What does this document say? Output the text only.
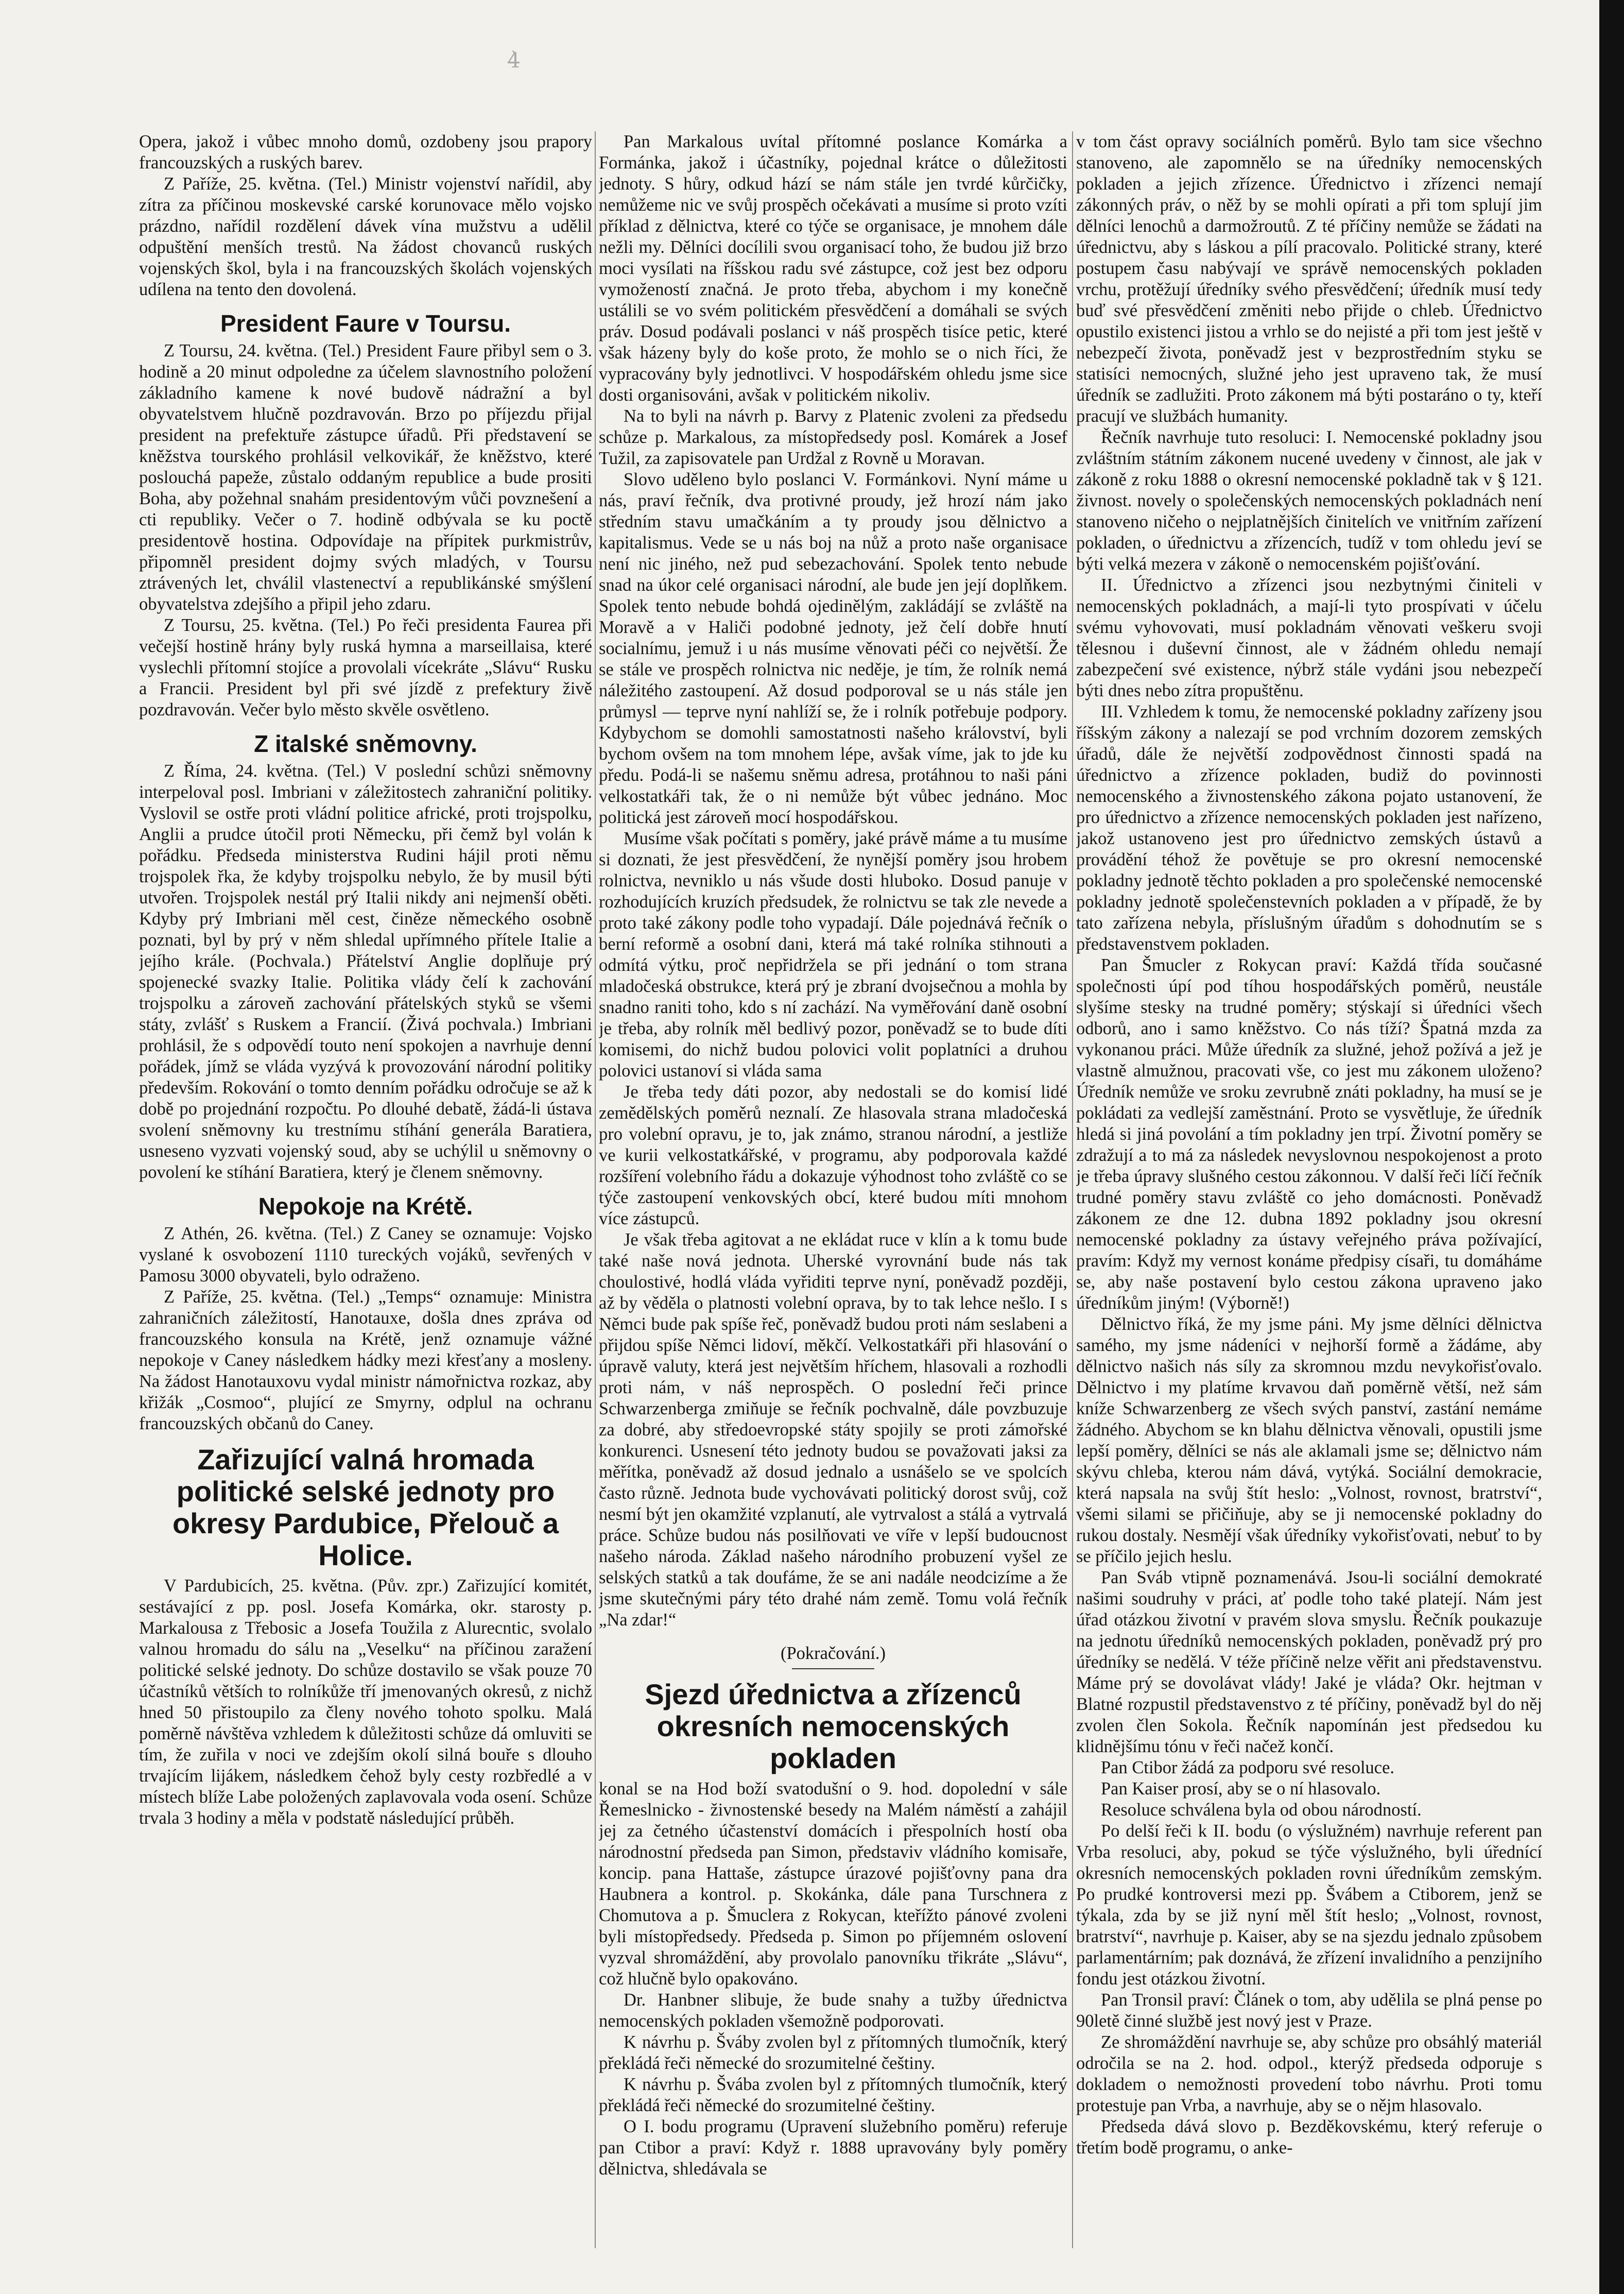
4̶̀

Opera, jakož i vůbec mnoho domů, ozdobeny jsou prapory francouzských a ruských barev.

Z Paříže, 25. května. (Tel.) Ministr vojenství nařídil, aby zítra za příčinou moskevské carské korunovace mělo vojsko prázdno, nařídil rozdělení dávek vína mužstvu a udělil odpuštění menších trestů. Na žádost chovanců ruských vojenských škol, byla i na francouzských školách vojenských udílena na tento den dovolená.

President Faure v Toursu.

Z Toursu, 24. května. (Tel.) President Faure přibyl sem o 3. hodině a 20 minut odpoledne za účelem slavnostního položení základního kamene k nové budově nádražní a byl obyvatelstvem hlučně pozdravován. Brzo po příjezdu přijal president na prefektuře zástupce úřadů. Při představení se kněžstva tourského prohlásil velkovikář, že kněžstvo, které poslouchá papeže, zůstalo oddaným republice a bude prositi Boha, aby požehnal snahám presidentovým vůči povznešení a cti republiky. Večer o 7. hodině odbývala se ku poctě presidentově hostina. Odpovídaje na přípitek purkmistrův, připomněl president dojmy svých mladých, v Toursu ztrávených let, chválil vlastenectví a republikánské smýšlení obyvatelstva zdejšího a připil jeho zdaru.

Z Toursu, 25. května. (Tel.) Po řeči presidenta Faurea při večejší hostině hrány byly ruská hymna a marseillaisa, které vyslechli přítomní stojíce a provolali vícekráte „Slávu“ Rusku a Francii. President byl při své jízdě z prefektury živě pozdravován. Večer bylo město skvěle osvětleno.

Z italské sněmovny.

Z Říma, 24. května. (Tel.) V poslední schůzi sněmovny interpeloval posl. Imbriani v záležitostech zahraniční politiky. Vyslovil se ostře proti vládní politice africké, proti trojspolku, Anglii a prudce útočil proti Německu, při čemž byl volán k pořádku. Předseda ministerstva Rudini hájil proti němu trojspolek řka, že kdyby trojspolku nebylo, že by musil býti utvořen. Trojspolek nestál prý Italii nikdy ani nejmenší oběti. Kdyby prý Imbriani měl cest, činěze německého osobně poznati, byl by prý v něm shledal upřímného přítele Italie a jejího krále. (Pochvala.) Přátelství Anglie doplňuje prý spojenecké svazky Italie. Politika vlády čelí k zachování trojspolku a zároveň zachování přátelských styků se všemi státy, zvlášť s Ruskem a Francií. (Živá pochvala.) Imbriani prohlásil, že s odpovědí touto není spokojen a navrhuje denní pořádek, jímž se vláda vyzývá k provozování národní politiky především. Rokování o tomto denním pořádku odročuje se až k době po projednání rozpočtu. Po dlouhé debatě, žádá-li ústava svolení sněmovny ku trestnímu stíhání generála Baratiera, usneseno vyzvati vojenský soud, aby se uchýlil u sněmovny o povolení ke stíhání Baratiera, který je členem sněmovny.

Nepokoje na Krétě.

Z Athén, 26. května. (Tel.) Z Caney se oznamuje: Vojsko vyslané k osvobození 1110 tureckých vojáků, sevřených v Pamosu 3000 obyvateli, bylo odraženo.

Z Paříže, 25. května. (Tel.) „Temps“ oznamuje: Ministra zahraničních záležitostí, Hanotauxe, došla dnes zpráva od francouzského konsula na Krétě, jenž oznamuje vážné nepokoje v Caney následkem hádky mezi křesťany a mosleny. Na žádost Hanotauxovu vydal ministr námořnictva rozkaz, aby křižák „Cosmoo“, plující ze Smyrny, odplul na ochranu francouzských občanů do Caney.

Zařizující valná hromada politické selské jednoty pro okresy Pardubice, Přelouč a Holice.

V Pardubicích, 25. května. (Pův. zpr.) Zařizující komitét, sestávající z pp. posl. Josefa Komárka, okr. starosty p. Markalousa z Třebosic a Josefa Toužila z Alurecntic, svolalo valnou hromadu do sálu na „Veselku“ na příčinou zaražení politické selské jednoty. Do schůze dostavilo se však pouze 70 účastníků větších to rolníkůže tří jmenovaných okresů, z nichž hned 50 přistoupilo za členy nového tohoto spolku. Malá poměrně návštěva vzhledem k důležitosti schůze dá omluviti se tím, že zuřila v noci ve zdejším okolí silná bouře s dlouho trvajícím lijákem, následkem čehož byly cesty rozbředlé a v místech blíže Labe položených zaplavovala voda osení. Schůze trvala 3 hodiny a měla v podstatě následující průběh.

Pan Markalous uvítal přítomné poslance Komárka a Formánka, jakož i účastníky, pojednal krátce o důležitosti jednoty. S hůry, odkud hází se nám stále jen tvrdé kůrčičky, nemůžeme nic ve svůj prospěch očekávati a musíme si proto vzíti příklad z dělnictva, které co týče se organisace, je mnohem dále nežli my. Dělníci docílili svou organisací toho, že budou již brzo moci vysílati na říšskou radu své zástupce, což jest bez odporu vymožeností značná. Je proto třeba, abychom i my konečně ustálili se vo svém politickém přesvědčení a domáhali se svých práv. Dosud podávali poslanci v náš prospěch tisíce petic, které však házeny byly do koše proto, že mohlo se o nich říci, že vypracovány byly jednotlivci. V hospodářském ohledu jsme sice dosti organisováni, avšak v politickém nikoliv.

Na to byli na návrh p. Barvy z Platenic zvoleni za předsedu schůze p. Markalous, za místopředsedy posl. Komárek a Josef Tužil, za zapisovatele pan Urdžal z Rovně u Moravan.

Slovo uděleno bylo poslanci V. Formánkovi. Nyní máme u nás, praví řečník, dva protivné proudy, jež hrozí nám jako středním stavu umačkáním a ty proudy jsou dělnictvo a kapitalismus. Vede se u nás boj na nůž a proto naše organisace není nic jiného, než pud sebezachování. Spolek tento nebude snad na úkor celé organisaci národní, ale bude jen její doplňkem. Spolek tento nebude bohdá ojedinělým, zakládájí se zvláště na Moravě a v Haliči podobné jednoty, jež čelí dobře hnutí socialnímu, jemuž i u nás musíme věnovati péči co největší. Že se stále ve prospěch rolnictva nic neděje, je tím, že rolník nemá náležitého zastoupení. Až dosud podporoval se u nás stále jen průmysl — teprve nyní nahlíží se, že i rolník potřebuje podpory. Kdybychom se domohli samostatnosti našeho království, byli bychom ovšem na tom mnohem lépe, avšak víme, jak to jde ku předu. Podá-li se našemu sněmu adresa, protáhnou to naši páni velkostatkáři tak, že o ni nemůže být vůbec jednáno. Moc politická jest zároveň mocí hospodářskou.

Musíme však počítati s poměry, jaké právě máme a tu musíme si doznati, že jest přesvědčení, že nynější poměry jsou hrobem rolnictva, nevniklo u nás všude dosti hluboko. Dosud panuje v rozhodujících kruzích předsudek, že rolnictvu se tak zle nevede a proto také zákony podle toho vypadají. Dále pojednává řečník o berní reformě a osobní dani, která má také rolníka stihnouti a odmítá výtku, proč nepřidržela se při jednání o tom strana mladočeská obstrukce, která prý je zbraní dvojsečnou a mohla by snadno raniti toho, kdo s ní zachází. Na vyměřování daně osobní je třeba, aby rolník měl bedlivý pozor, poněvadž se to bude díti komisemi, do nichž budou polovici volit poplatníci a druhou polovici ustanoví si vláda sama

Je třeba tedy dáti pozor, aby nedostali se do komisí lidé zemědělských poměrů neznalí. Ze hlasovala strana mladočeská pro volební opravu, je to, jak známo, stranou národní, a jestliže ve kurii velkostatkářské, v programu, aby podporovala každé rozšíření volebního řádu a dokazuje výhodnost toho zvláště co se týče zastoupení venkovských obcí, které budou míti mnohom více zástupců.

Je však třeba agitovat a ne ekládat ruce v klín a k tomu bude také naše nová jednota. Uherské vyrovnání bude nás tak choulostivé, hodlá vláda vyřiditi teprve nyní, poněvadž později, až by věděla o platnosti volební oprava, by to tak lehce nešlo. I s Němci bude pak spíše řeč, poněvadž budou proti nám seslabeni a přijdou spíše Němci lidoví, měkčí. Velkostatkáři při hlasování o úpravě valuty, která jest největším hříchem, hlasovali a rozhodli proti nám, v náš neprospěch. O poslední řeči prince Schwarzenberga zmiňuje se řečník pochvalně, dále povzbuzuje za dobré, aby středoevropské státy spojily se proti zámořské konkurenci. Usnesení této jednoty budou se považovati jaksi za měřítka, poněvadž až dosud jednalo a usnášelo se ve spolcích často různě. Jednota bude vychovávati politický dorost svůj, což nesmí být jen okamžité vzplanutí, ale vytrvalost a stálá a vytrvalá práce. Schůze budou nás posilňovati ve víře v lepší budoucnost našeho národa. Základ našeho národního probuzení vyšel ze selských statků a tak doufáme, že se ani nadále neodcizíme a že jsme skutečnými páry této drahé nám země. Tomu volá řečník „Na zdar!“

(Pokračování.)
Sjezd úřednictva a zřízenců okresních nemocenských pokladen

konal se na Hod boží svatodušní o 9. hod. dopolední v sále Řemeslnicko - živnostenské besedy na Malém náměstí a zahájil jej za četného účastenství domácích i přespolních hostí oba národnostní předseda pan Simon, představiv vládního komisaře, koncip. pana Hattaše, zástupce úrazové pojišťovny pana dra Haubnera a kontrol. p. Skokánka, dále pana Turschnera z Chomutova a p. Šmuclera z Rokycan, kteřížto pánové zvoleni byli místopředsedy. Předseda p. Simon po příjemném oslovení vyzval shromáždění, aby provolalo panovníku třikráte „Slávu“, což hlučně bylo opakováno.

Dr. Hanbner slibuje, že bude snahy a tužby úřednictva nemocenských pokladen všemožně podporovati.

K návrhu p. Šváby zvolen byl z přítomných tlumočník, který překládá řeči německé do srozumitelné češtiny.

K návrhu p. Švába zvolen byl z přítomných tlumočník, který překládá řeči německé do srozumitelné češtiny.

O I. bodu programu (Upravení služebního poměru) referuje pan Ctibor a praví: Když r. 1888 upravovány byly poměry dělnictva, shledávala se

v tom část opravy sociálních poměrů. Bylo tam sice všechno stanoveno, ale zapomnělo se na úředníky nemocenských pokladen a jejich zřízence. Úřednictvo i zřízenci nemají zákonných práv, o něž by se mohli opírati a při tom splují jim dělníci lenochů a darmožroutů. Z té příčiny nemůže se žádati na úřednictvu, aby s láskou a pílí pracovalo. Politické strany, které postupem času nabývají ve správě nemocenských pokladen vrchu, protěžují úředníky svého přesvědčení; úředník musí tedy buď své přesvědčení změniti nebo přijde o chleb. Úřednictvo opustilo existenci jistou a vrhlo se do nejisté a při tom jest ještě v nebezpečí života, poněvadž jest v bezprostředním styku se statisíci nemocných, služné jeho jest upraveno tak, že musí úředník se zadlužiti. Proto zákonem má býti postaráno o ty, kteří pracují ve službách humanity.

Řečník navrhuje tuto resoluci: I. Nemocenské pokladny jsou zvláštním státním zákonem nucené uvedeny v činnost, ale jak v zákoně z roku 1888 o okresní nemocenské pokladně tak v § 121. živnost. novely o společenských nemocenských pokladnách není stanoveno ničeho o nejplatnějších činitelích ve vnitřním zařízení pokladen, o úřednictvu a zřízencích, tudíž v tom ohledu jeví se býti velká mezera v zákoně o nemocenském pojišťování.

II. Úřednictvo a zřízenci jsou nezbytnými činiteli v nemocenských pokladnách, a mají-li tyto prospívati v účelu svému vyhovovati, musí pokladnám věnovati veškeru svoji tělesnou i duševní činnost, ale v žádném ohledu nemají zabezpečení své existence, nýbrž stále vydáni jsou nebezpečí býti dnes nebo zítra propuštěnu.

III. Vzhledem k tomu, že nemocenské pokladny zařízeny jsou říšským zákony a nalezají se pod vrchním dozorem zemských úřadů, dále že největší zodpovědnost činnosti spadá na úřednictvo a zřízence pokladen, budiž do povinnosti nemocenského a živnostenského zákona pojato ustanovení, že pro úřednictvo a zřízence nemocenských pokladen jest nařízeno, jakož ustanoveno jest pro úřednictvo zemských ústavů a provádění téhož že povětuje se pro okresní nemocenské pokladny jednotě těchto pokladen a pro společenské nemocenské pokladny jednotě společenstevních pokladen a v případě, že by tato zařízena nebyla, příslušným úřadům s dohodnutím se s představenstvem pokladen.

Pan Šmucler z Rokycan praví: Každá třída současné společnosti úpí pod tíhou hospodářských poměrů, neustále slyšíme stesky na trudné poměry; stýskají si úředníci všech odborů, ano i samo kněžstvo. Co nás tíží? Špatná mzda za vykonanou práci. Může úředník za služné, jehož požívá a jež je vlastně almužnou, pracovati vše, co jest mu zákonem uloženo? Úředník nemůže ve sroku zevrubně znáti pokladny, ha musí se je pokládati za vedlejší zaměstnání. Proto se vysvětluje, že úředník hledá si jiná povolání a tím pokladny jen trpí. Životní poměry se zdražují a to má za následek nevyslovnou nespokojenost a proto je třeba úpravy slušného cestou zákonnou. V další řeči líčí řečník trudné poměry stavu zvláště co jeho domácnosti. Poněvadž zákonem ze dne 12. dubna 1892 pokladny jsou okresní nemocenské pokladny za ústavy veřejného práva požívající, pravím: Když my vernost konáme předpisy císaři, tu domáháme se, aby naše postavení bylo cestou zákona upraveno jako úředníkům jiným! (Výborně!)

Dělnictvo říká, že my jsme páni. My jsme dělníci dělnictva samého, my jsme nádeníci v nejhorší formě a žádáme, aby dělnictvo našich nás síly za skromnou mzdu nevykořisťovalo. Dělnictvo i my platíme krvavou daň poměrně větší, než sám kníže Schwarzenberg ze všech svých panství, zastání nemáme žádného. Abychom se kn blahu dělnictva věnovali, opustili jsme lepší poměry, dělníci se nás ale aklamali jsme se; dělnictvo nám skývu chleba, kterou nám dává, vytýká. Sociální demokracie, která napsala na svůj štít heslo: „Volnost, rovnost, bratrství“, všemi silami se přičiňuje, aby se ji nemocenské pokladny do rukou dostaly. Nesmějí však úředníky vykořisťovati, nebuť to by se příčilo jejich heslu.

Pan Sváb vtipně poznamenává. Jsou-li sociální demokraté našimi soudruhy v práci, ať podle toho také platejí. Nám jest úřad otázkou životní v pravém slova smyslu. Řečník poukazuje na jednotu úředníků nemocenských pokladen, poněvadž prý pro úředníky se nedělá. V téže příčině nelze věřit ani představenstvu. Máme prý se dovolávat vlády! Jaké je vláda? Okr. hejtman v Blatné rozpustil představenstvo z té příčiny, poněvadž byl do něj zvolen člen Sokola. Řečník napomínán jest předsedou ku klidnějšímu tónu v řeči načež končí.

Pan Ctibor žádá za podporu své resoluce.

Pan Kaiser prosí, aby se o ní hlasovalo.

Resoluce schválena byla od obou národností.

Po delší řeči k II. bodu (o výslužném) navrhuje referent pan Vrba resoluci, aby, pokud se týče výslužného, byli úřednící okresních nemocenských pokladen rovni úředníkům zemským. Po prudké kontroversi mezi pp. Švábem a Ctiborem, jenž se týkala, zda by se již nyní měl štít heslo; „Volnost, rovnost, bratrství“, navrhuje p. Kaiser, aby se na sjezdu jednalo způsobem parlamentárním; pak doznává, že zřízení invalidního a penzijního fondu jest otázkou životní.

Pan Tronsil praví: Článek o tom, aby udělila se plná pense po 90letě činné službě jest nový jest v Praze.

Ze shromáždění navrhuje se, aby schůze pro obsáhlý materiál odročila se na 2. hod. odpol., kterýž předseda odporuje s dokladem o nemožnosti provedení tobo návrhu. Proti tomu protestuje pan Vrba, a navrhuje, aby se o nějm hlasovalo.

Předseda dává slovo p. Bezděkovskému, který referuje o třetím bodě programu, o anke-
